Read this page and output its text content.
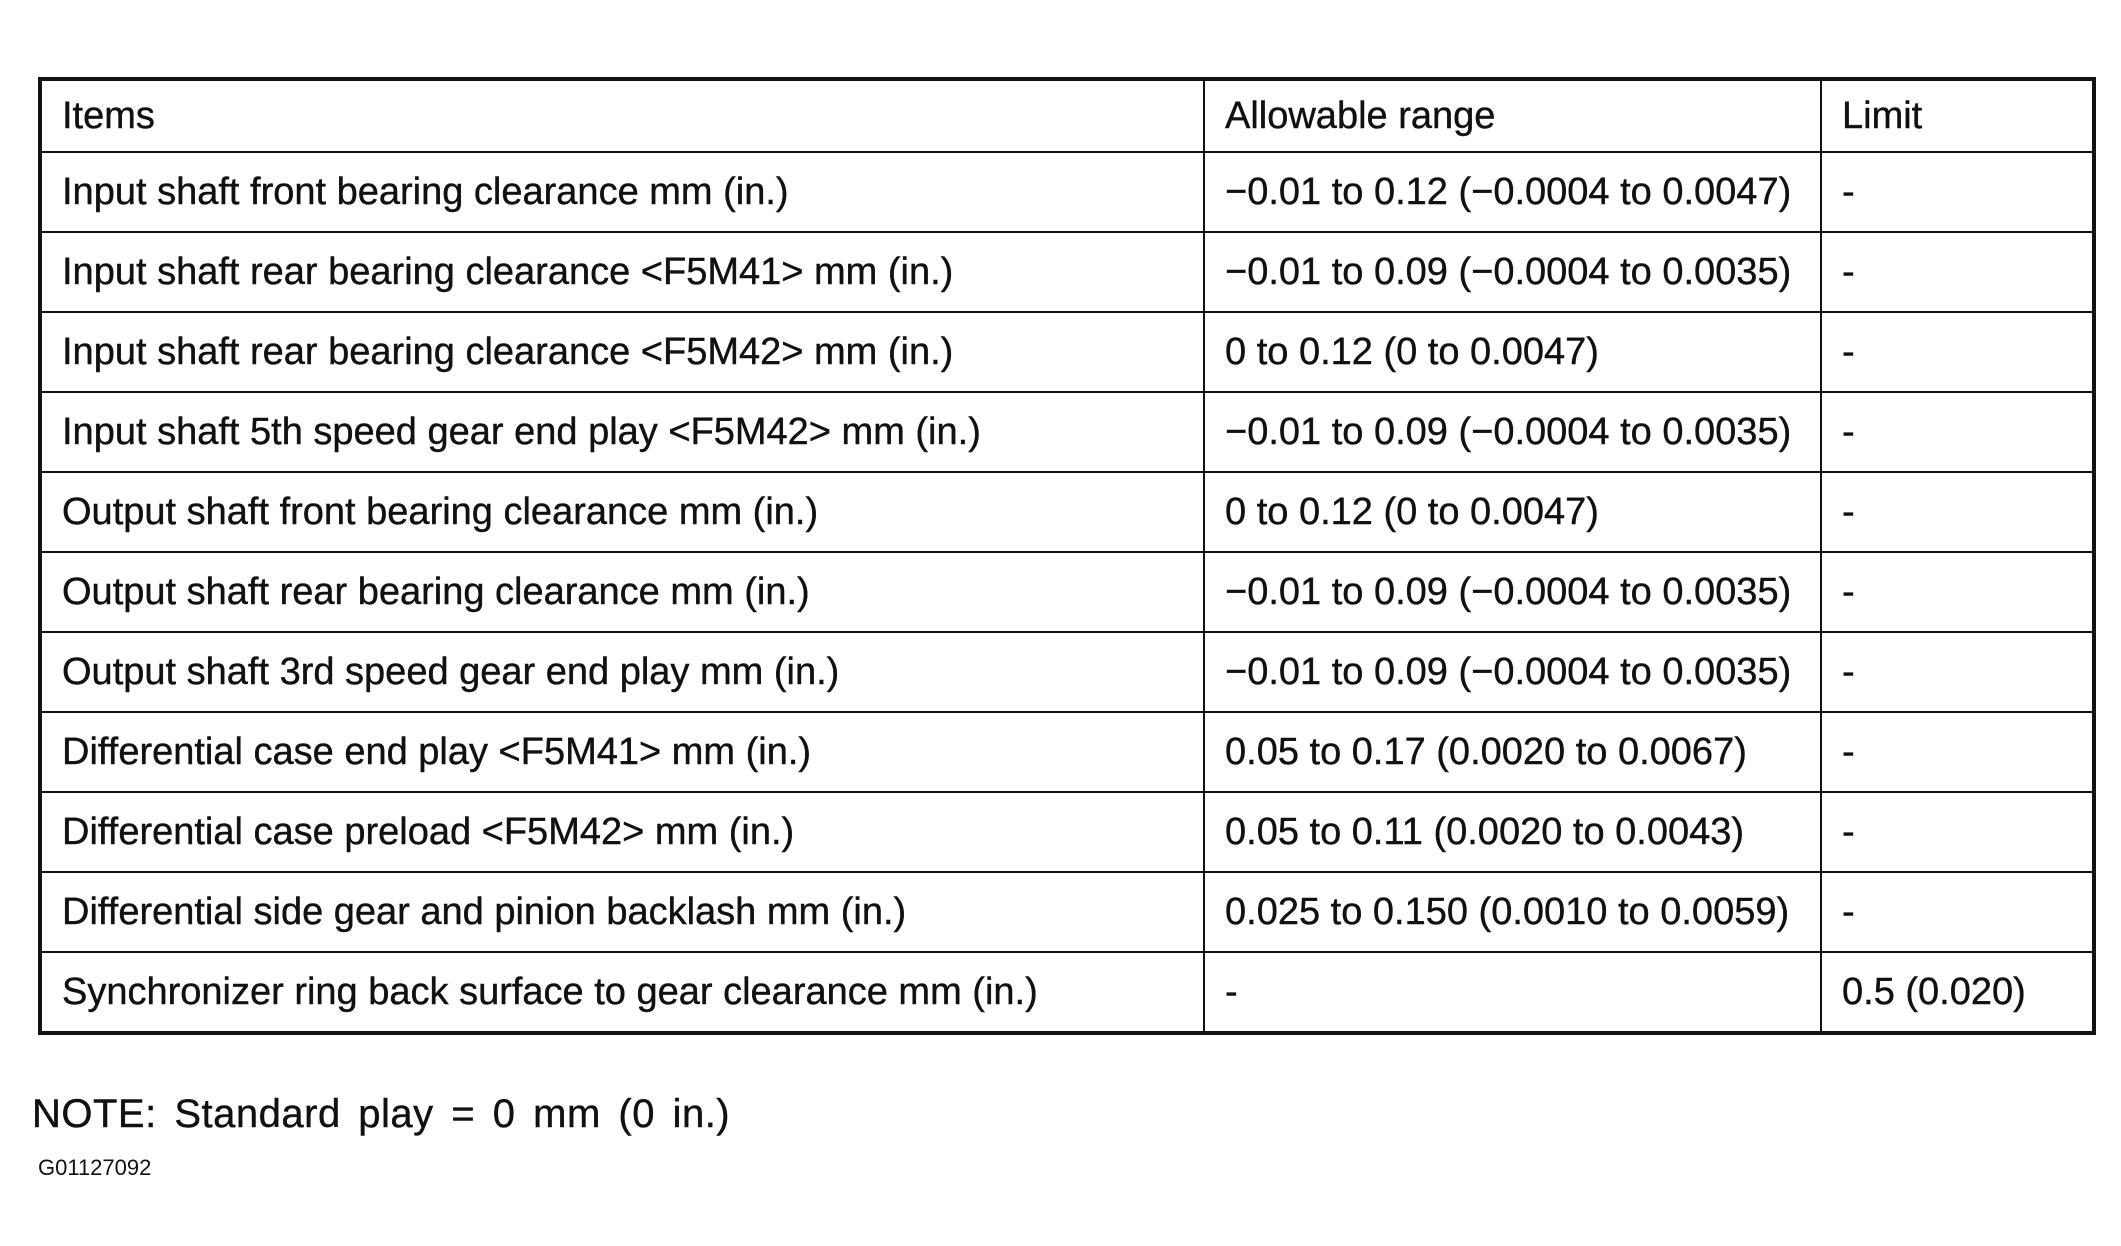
Items	Allowable range	Limit
Input shaft front bearing clearance mm (in.)	−0.01 to 0.12 (−0.0004 to 0.0047)	-
Input shaft rear bearing clearance <F5M41> mm (in.)	−0.01 to 0.09 (−0.0004 to 0.0035)	-
Input shaft rear bearing clearance <F5M42> mm (in.)	0 to 0.12 (0 to 0.0047)	-
Input shaft 5th speed gear end play <F5M42> mm (in.)	−0.01 to 0.09 (−0.0004 to 0.0035)	-
Output shaft front bearing clearance mm (in.)	0 to 0.12 (0 to 0.0047)	-
Output shaft rear bearing clearance mm (in.)	−0.01 to 0.09 (−0.0004 to 0.0035)	-
Output shaft 3rd speed gear end play mm (in.)	−0.01 to 0.09 (−0.0004 to 0.0035)	-
Differential case end play <F5M41> mm (in.)	0.05 to 0.17 (0.0020 to 0.0067)	-
Differential case preload <F5M42> mm (in.)	0.05 to 0.11 (0.0020 to 0.0043)	-
Differential side gear and pinion backlash mm (in.)	0.025 to 0.150 (0.0010 to 0.0059)	-
Synchronizer ring back surface to gear clearance mm (in.)	-	0.5 (0.020)
NOTE: Standard play = 0 mm (0 in.)
G01127092
